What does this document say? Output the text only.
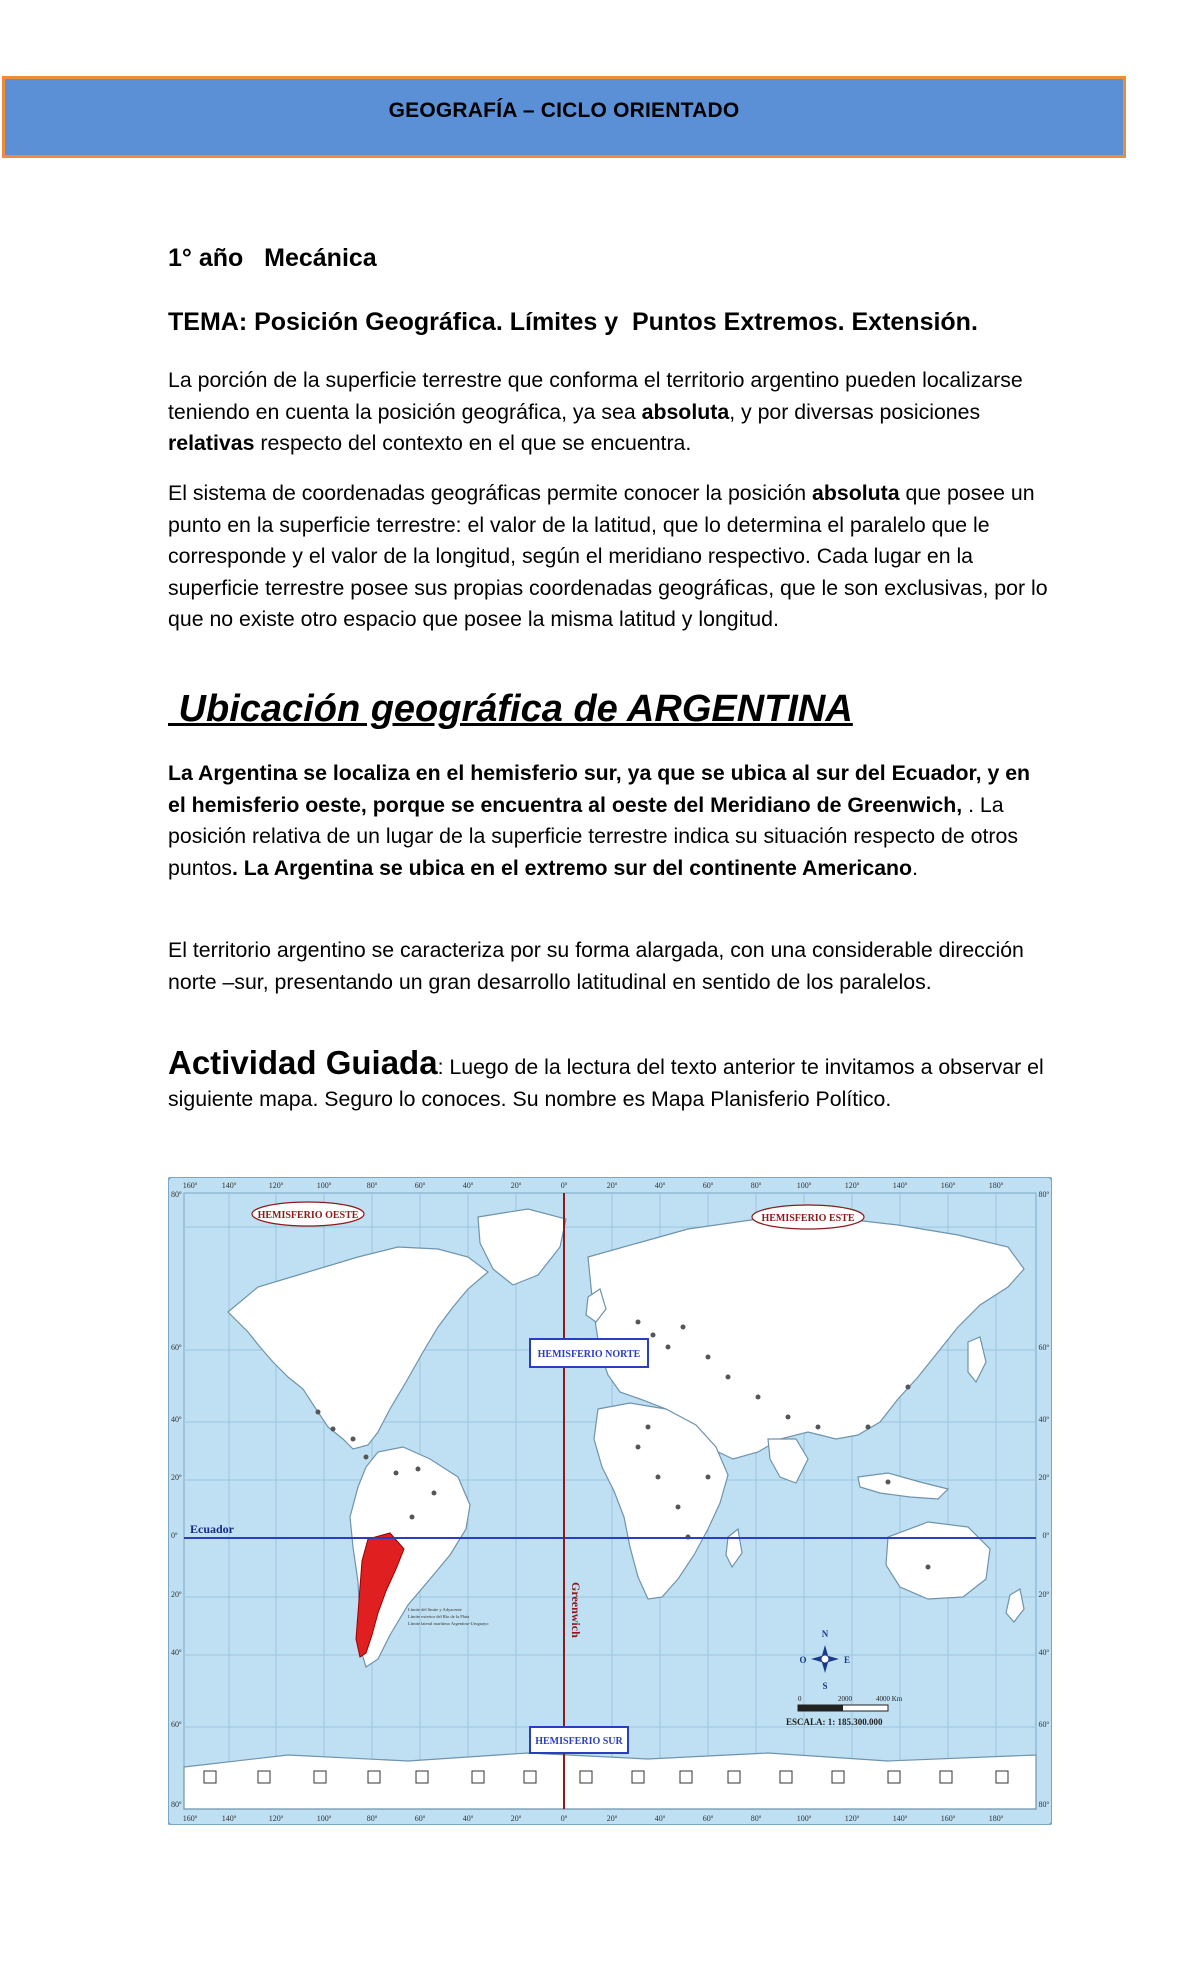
GEOGRAFÍA – CICLO ORIENTADO
1° año   Mecánica
TEMA: Posición Geográfica. Límites y  Puntos Extremos. Extensión.
La porción de la superficie terrestre que conforma el territorio argentino pueden localizarse teniendo en cuenta la posición geográfica, ya sea absoluta, y por diversas posiciones relativas respecto del contexto en el que se encuentra.
El sistema de coordenadas geográficas permite conocer la posición absoluta que posee un punto en la superficie terrestre: el valor de la latitud, que lo determina el paralelo que le corresponde y el valor de la longitud, según el meridiano respectivo. Cada lugar en la superficie terrestre posee sus propias coordenadas geográficas, que le son exclusivas, por lo que no existe otro espacio que posee la misma latitud y longitud.
Ubicación geográfica de ARGENTINA
La Argentina se localiza en el hemisferio sur, ya que se ubica al sur del Ecuador, y en el hemisferio oeste, porque se encuentra al oeste del Meridiano de Greenwich, . La posición relativa de un lugar de la superficie terrestre indica su situación respecto de otros puntos. La Argentina se ubica en el extremo sur del continente Americano.
El territorio argentino se caracteriza por su forma alargada, con una considerable dirección norte –sur, presentando un gran desarrollo latitudinal en sentido de los paralelos.
Actividad Guiada: Luego de la lectura del texto anterior te invitamos a observar el siguiente mapa. Seguro lo conoces. Su nombre es Mapa Planisferio Político.
HEMISFERIO OESTE	HEMISFERIO ESTE
HEMISFERIO NORTE
HEMISFERIO SUR
Ecuador
Greenwich
Límite del límite y Adyacente
Límite exterior del Río de la Plata
Límite lateral marítimo Argentino-Uruguayo
N
S
E
O
0	2000	4000 Km
ESCALA: 1: 185.300.000
160º	140º	120º	100º	80º	60º	40º	20º	0º	20º	40º	60º	80º	100º	120º	140º	160º	180º
160º	140º	120º	100º	80º	60º	40º	20º	0º	20º	40º	60º	80º	100º	120º	140º	160º	180º
80º
60º
40º
20º
0º
20º
40º
60º
80º
80º
60º
40º
20º
0º
20º
40º
60º
80º
